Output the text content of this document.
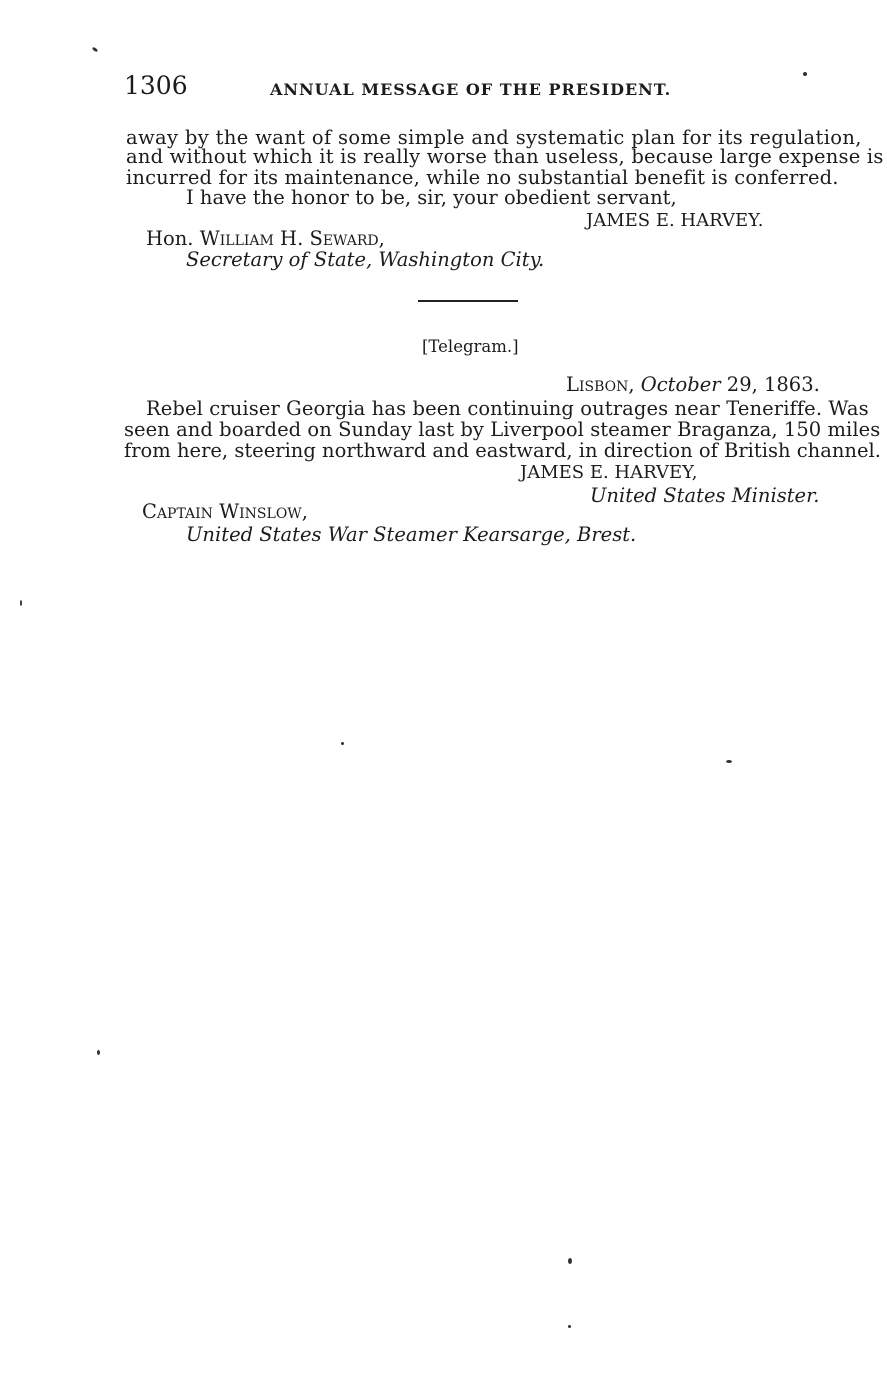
1306	ANNUAL MESSAGE OF THE PRESIDENT.
away by the want of some simple and systematic plan for its regulation,
and without which it is really worse than useless, because large expense is
incurred for its maintenance, while no substantial benefit is conferred.
I have the honor to be, sir, your obedient servant,
JAMES E. HARVEY.
Hon. William H. Seward,
Secretary of State, Washington City.
[Telegram.]
Lisbon, October 29, 1863.
Rebel cruiser Georgia has been continuing outrages near Teneriffe. Was
seen and boarded on Sunday last by Liverpool steamer Braganza, 150 miles
from here, steering northward and eastward, in direction of British channel.
JAMES E. HARVEY,
United States Minister.
Captain Winslow,
United States War Steamer Kearsarge, Brest.
